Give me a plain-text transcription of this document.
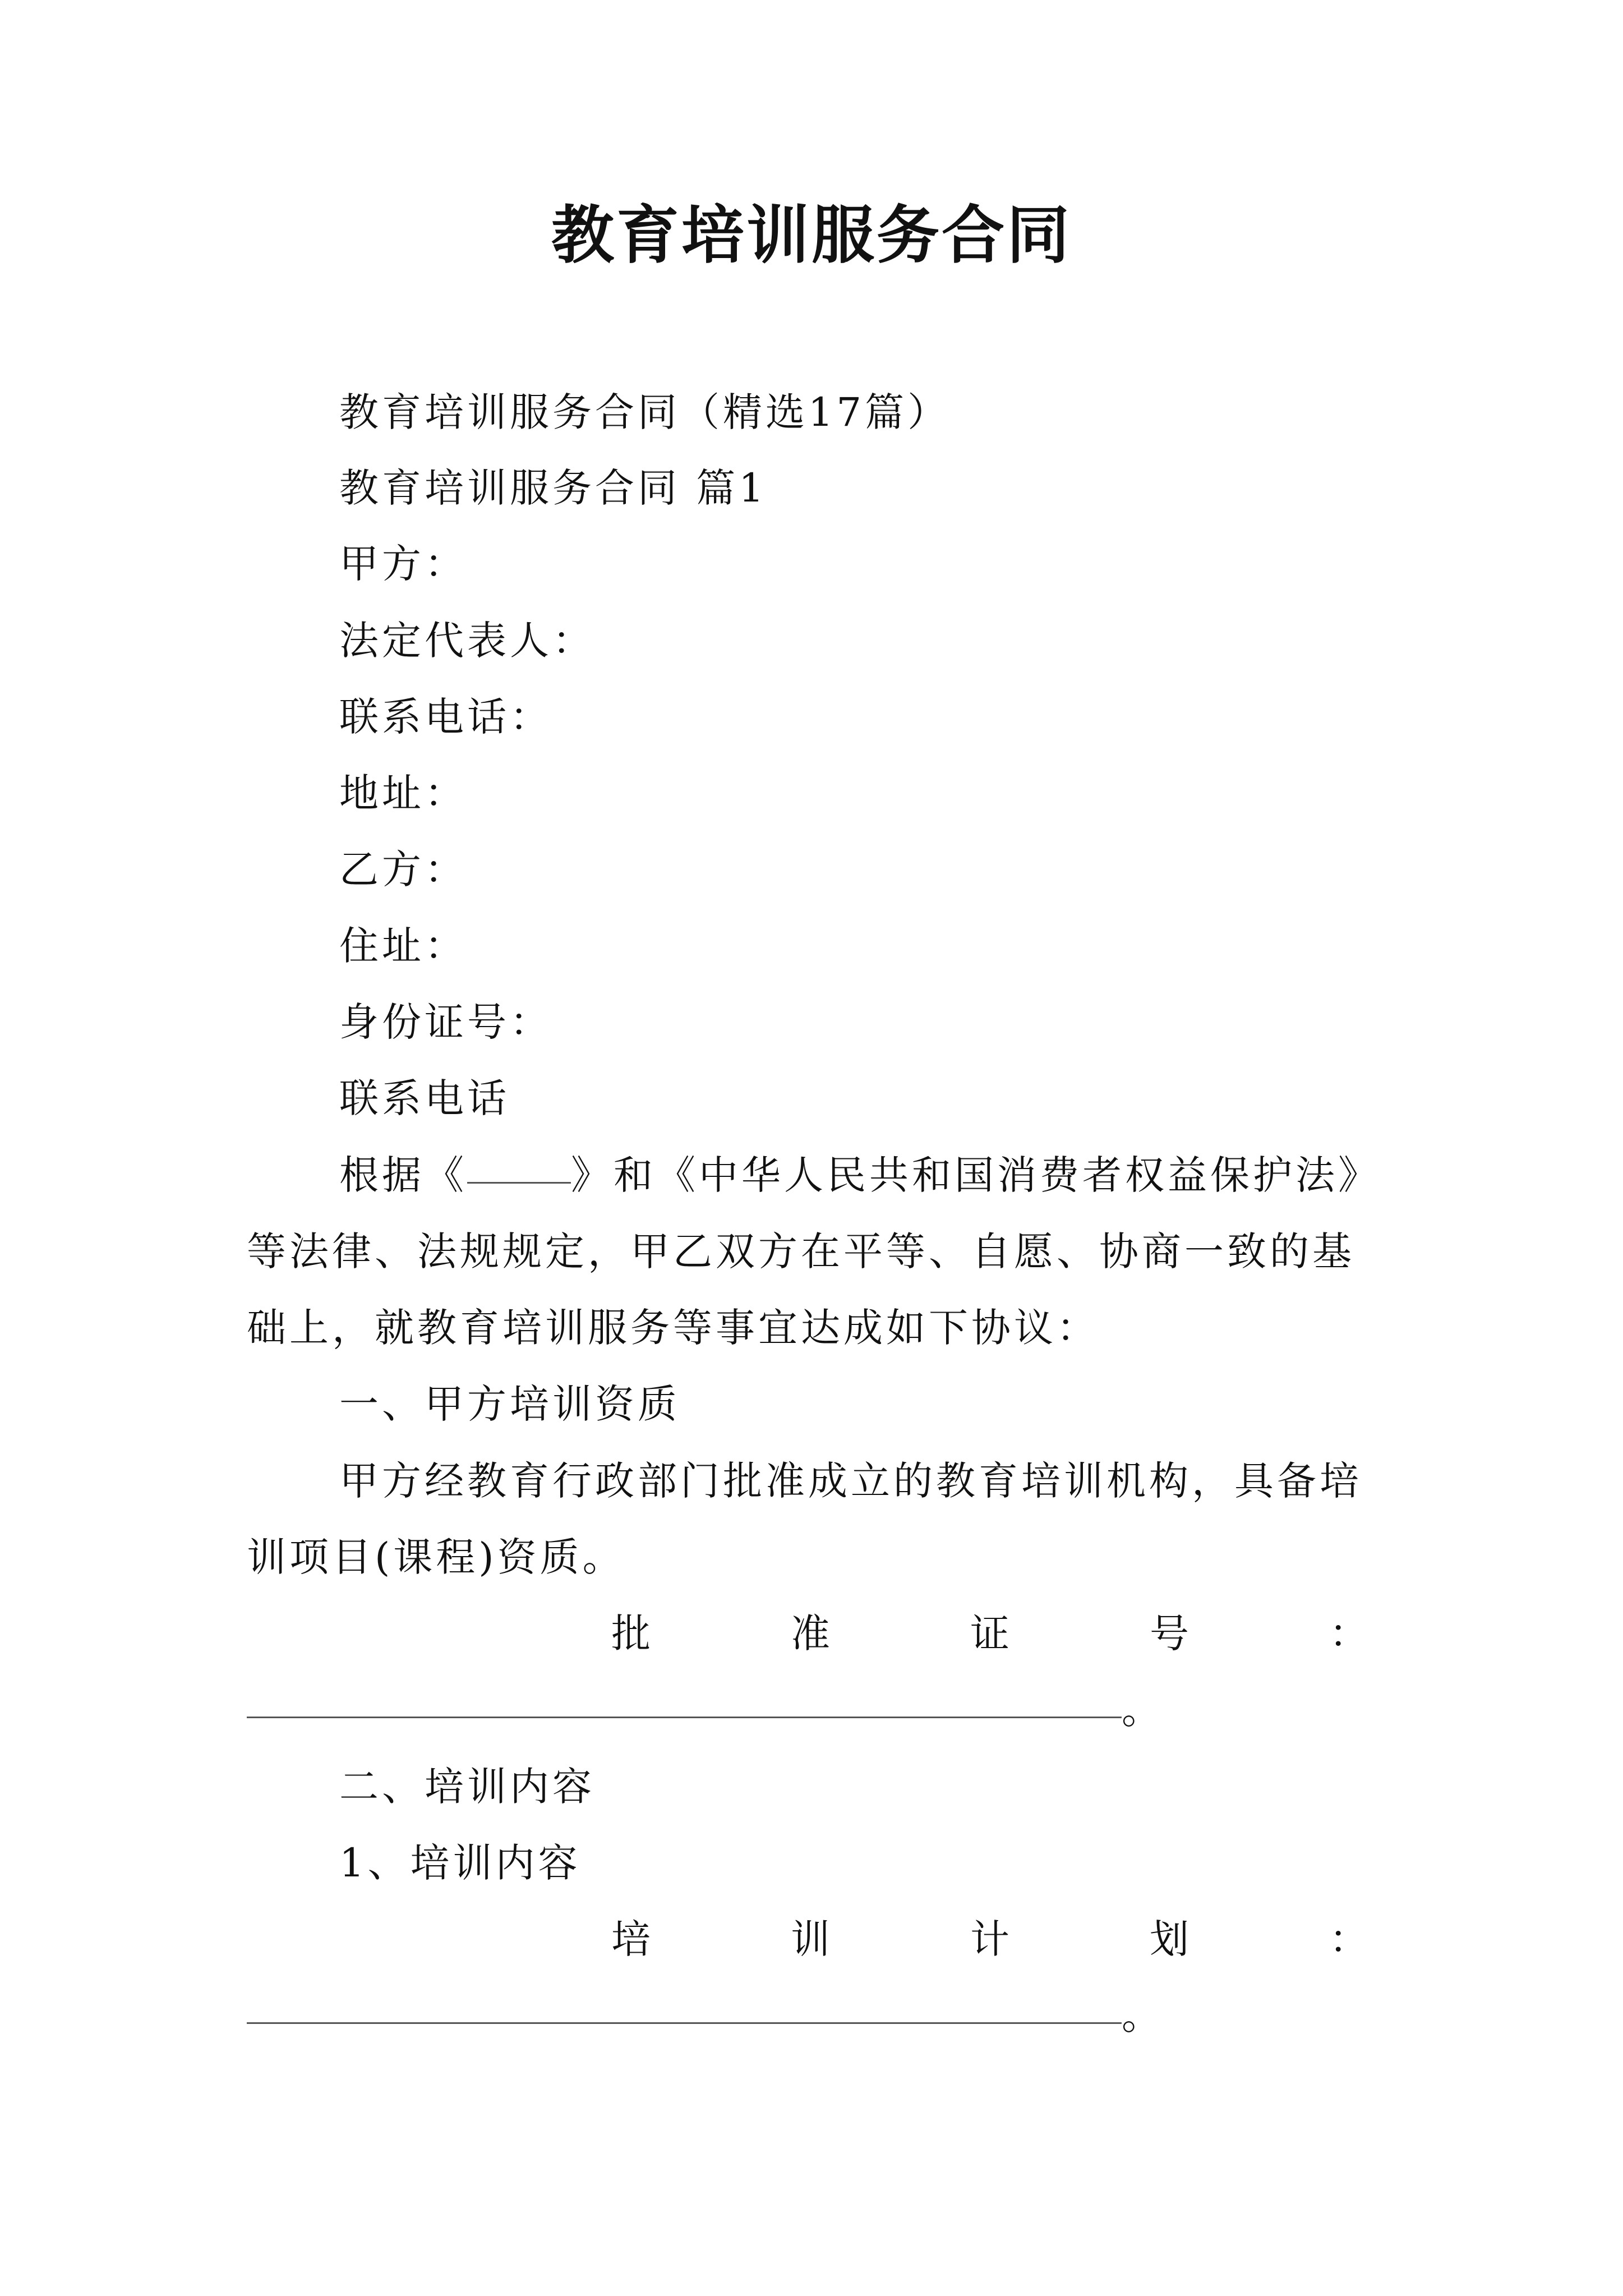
教育培训服务合同
教育培训服务合同（精选17篇）
教育培训服务合同 篇1
甲方：
法定代表人：
联系电话：
地址：
乙方：
住址：
身份证号：
联系电话
根据《	》和《中华人民共和国消费者权益保护法》
等法律、法规规定，甲乙双方在平等、自愿、协商一致的基
础上，就教育培训服务等事宜达成如下协议：
一、甲方培训资质
甲方经教育行政部门批准成立的教育培训机构，具备培
训项目(课程)资质。
批	准	证	号	：
。
二、培训内容
1、培训内容
培	训	计	划	：
。
